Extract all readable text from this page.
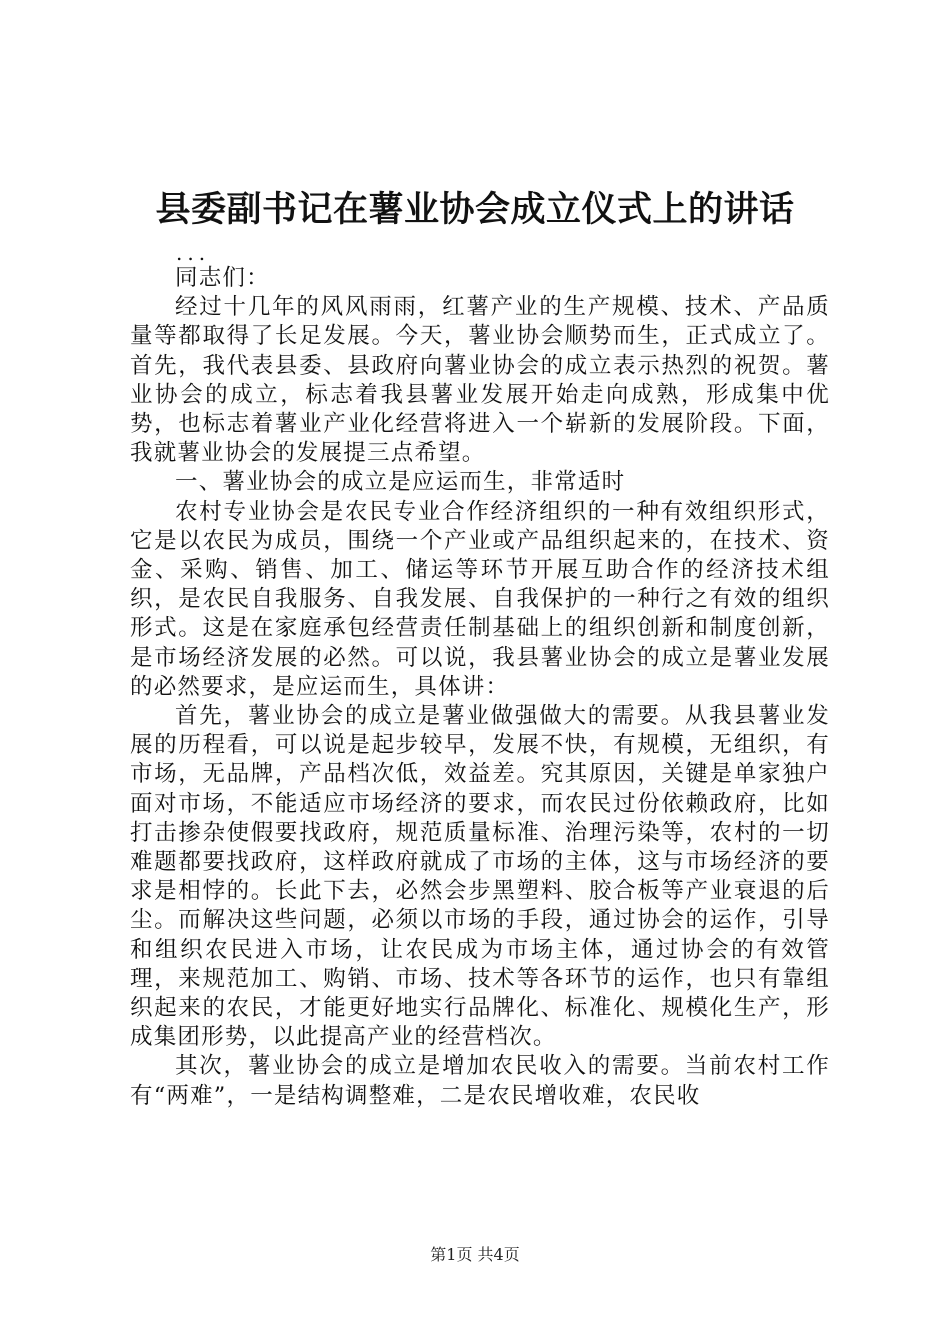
县委副书记在薯业协会成立仪式上的讲话
...

同志们：

经过十几年的风风雨雨，红薯产业的生产规模、技术、产品质量等都取得了长足发展。今天，薯业协会顺势而生，正式成立了。首先，我代表县委、县政府向薯业协会的成立表示热烈的祝贺。薯业协会的成立，标志着我县薯业发展开始走向成熟，形成集中优势，也标志着薯业产业化经营将进入一个崭新的发展阶段。下面，我就薯业协会的发展提三点希望。

一、薯业协会的成立是应运而生，非常适时

农村专业协会是农民专业合作经济组织的一种有效组织形式，它是以农民为成员，围绕一个产业或产品组织起来的，在技术、资金、采购、销售、加工、储运等环节开展互助合作的经济技术组织，是农民自我服务、自我发展、自我保护的一种行之有效的组织形式。这是在家庭承包经营责任制基础上的组织创新和制度创新，是市场经济发展的必然。可以说，我县薯业协会的成立是薯业发展的必然要求，是应运而生，具体讲：

首先，薯业协会的成立是薯业做强做大的需要。从我县薯业发展的历程看，可以说是起步较早，发展不快，有规模，无组织，有市场，无品牌，产品档次低，效益差。究其原因，关键是单家独户面对市场，不能适应市场经济的要求，而农民过份依赖政府，比如打击掺杂使假要找政府，规范质量标准、治理污染等，农村的一切难题都要找政府，这样政府就成了市场的主体，这与市场经济的要求是相悖的。长此下去，必然会步黑塑料、胶合板等产业衰退的后尘。而解决这些问题，必须以市场的手段，通过协会的运作，引导和组织农民进入市场，让农民成为市场主体，通过协会的有效管理，来规范加工、购销、市场、技术等各环节的运作，也只有靠组织起来的农民，才能更好地实行品牌化、标准化、规模化生产，形成集团形势，以此提高产业的经营档次。

其次，薯业协会的成立是增加农民收入的需要。当前农村工作有“两难”，一是结构调整难，二是农民增收难，农民收

第1页 共4页
